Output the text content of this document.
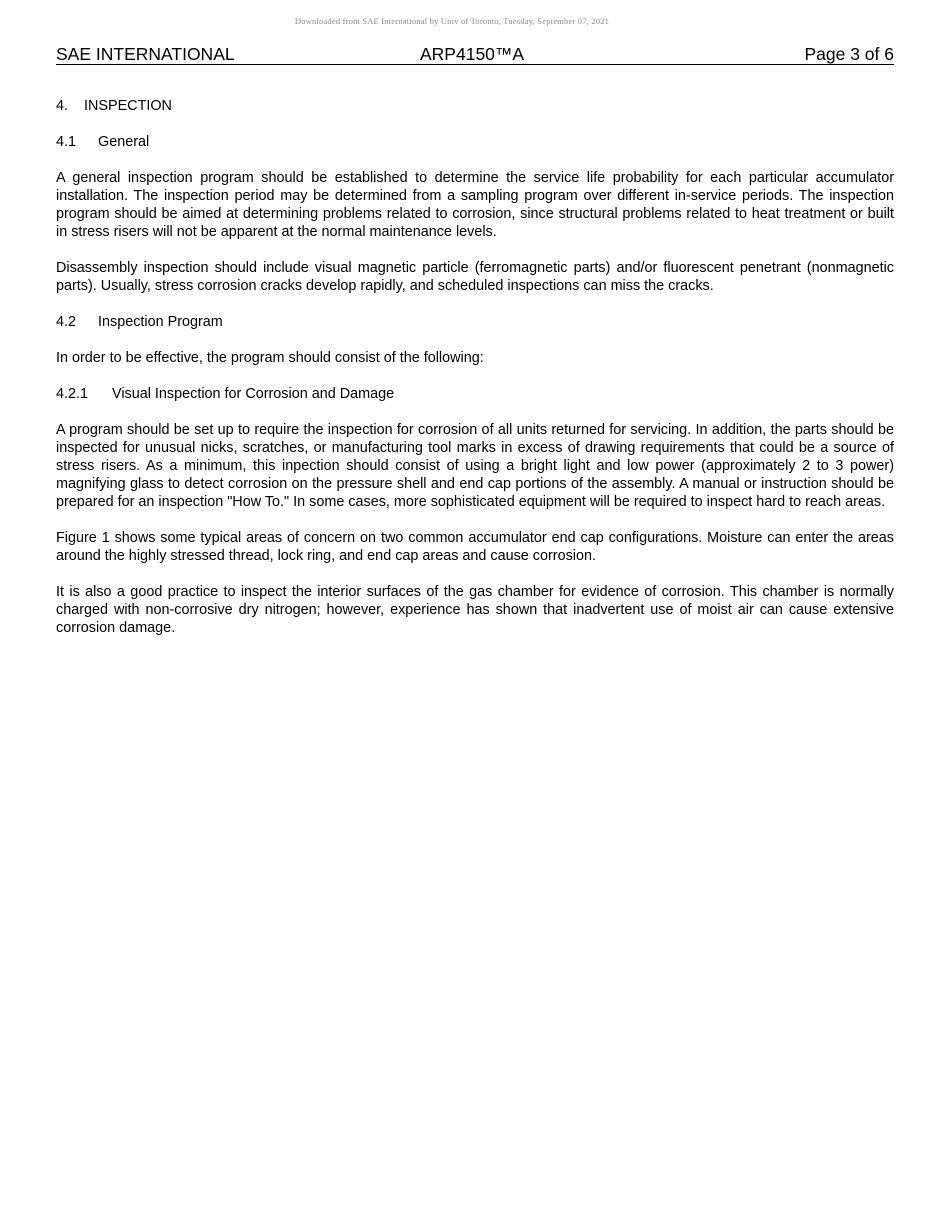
Downloaded from SAE International by Univ of Toronto, Tuesday, September 07, 2021
SAE INTERNATIONAL	ARP4150™A	Page 3 of 6
4. INSPECTION
4.1 General

A general inspection program should be established to determine the service life probability for each particular accumulator installation. The inspection period may be determined from a sampling program over different in-service periods. The inspection program should be aimed at determining problems related to corrosion, since structural problems related to heat treatment or built in stress risers will not be apparent at the normal maintenance levels.

Disassembly inspection should include visual magnetic particle (ferromagnetic parts) and/or fluorescent penetrant (nonmagnetic parts). Usually, stress corrosion cracks develop rapidly, and scheduled inspections can miss the cracks.

4.2 Inspection Program

In order to be effective, the program should consist of the following:

4.2.1 Visual Inspection for Corrosion and Damage

A program should be set up to require the inspection for corrosion of all units returned for servicing. In addition, the parts should be inspected for unusual nicks, scratches, or manufacturing tool marks in excess of drawing requirements that could be a source of stress risers. As a minimum, this inpection should consist of using a bright light and low power (approximately 2 to 3 power) magnifying glass to detect corrosion on the pressure shell and end cap portions of the assembly. A manual or instruction should be prepared for an inspection "How To." In some cases, more sophisticated equipment will be required to inspect hard to reach areas.

Figure 1 shows some typical areas of concern on two common accumulator end cap configurations. Moisture can enter the areas around the highly stressed thread, lock ring, and end cap areas and cause corrosion.

It is also a good practice to inspect the interior surfaces of the gas chamber for evidence of corrosion. This chamber is normally charged with non-corrosive dry nitrogen; however, experience has shown that inadvertent use of moist air can cause extensive corrosion damage.
